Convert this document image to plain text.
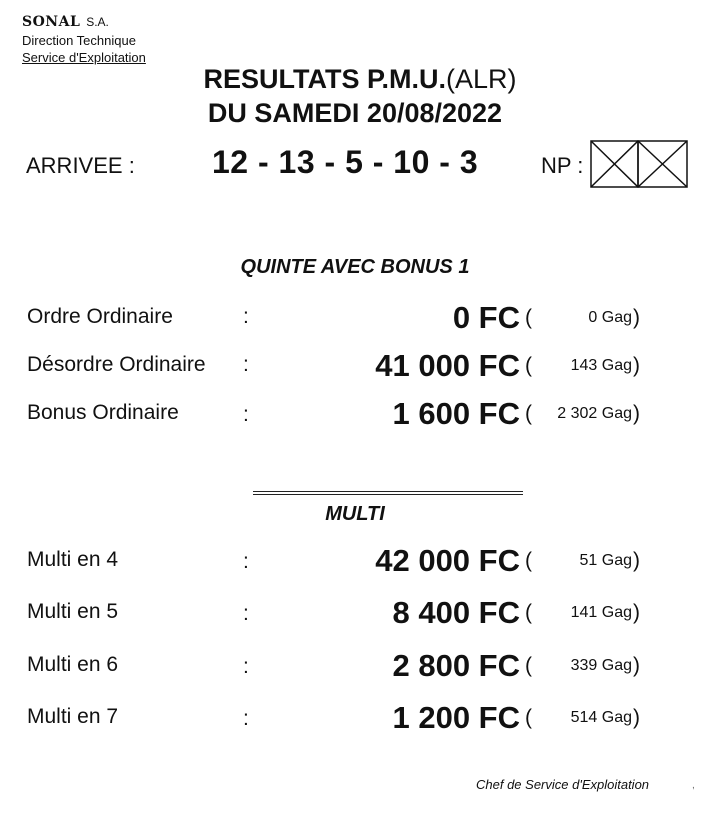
SONAL S.A.
Direction Technique
Service d'Exploitation
RESULTATS P.M.U.(ALR)
DU SAMEDI 20/08/2022
ARRIVEE : 12 - 13 - 5 - 10 - 3	NP :
QUINTE AVEC BONUS 1
Ordre Ordinaire	:	0 FC (	0 Gag )
Désordre Ordinaire :	41 000 FC ( 143 Gag )
Bonus Ordinaire	:	1 600 FC ( 2 302 Gag )
MULTI
Multi en 4	:	42 000 FC (	51 Gag )
Multi en 5	:	8 400 FC ( 141 Gag )
Multi en 6	:	2 800 FC ( 339 Gag )
Multi en 7	:	1 200 FC ( 514 Gag )
Chef de Service d'Exploitation	,
